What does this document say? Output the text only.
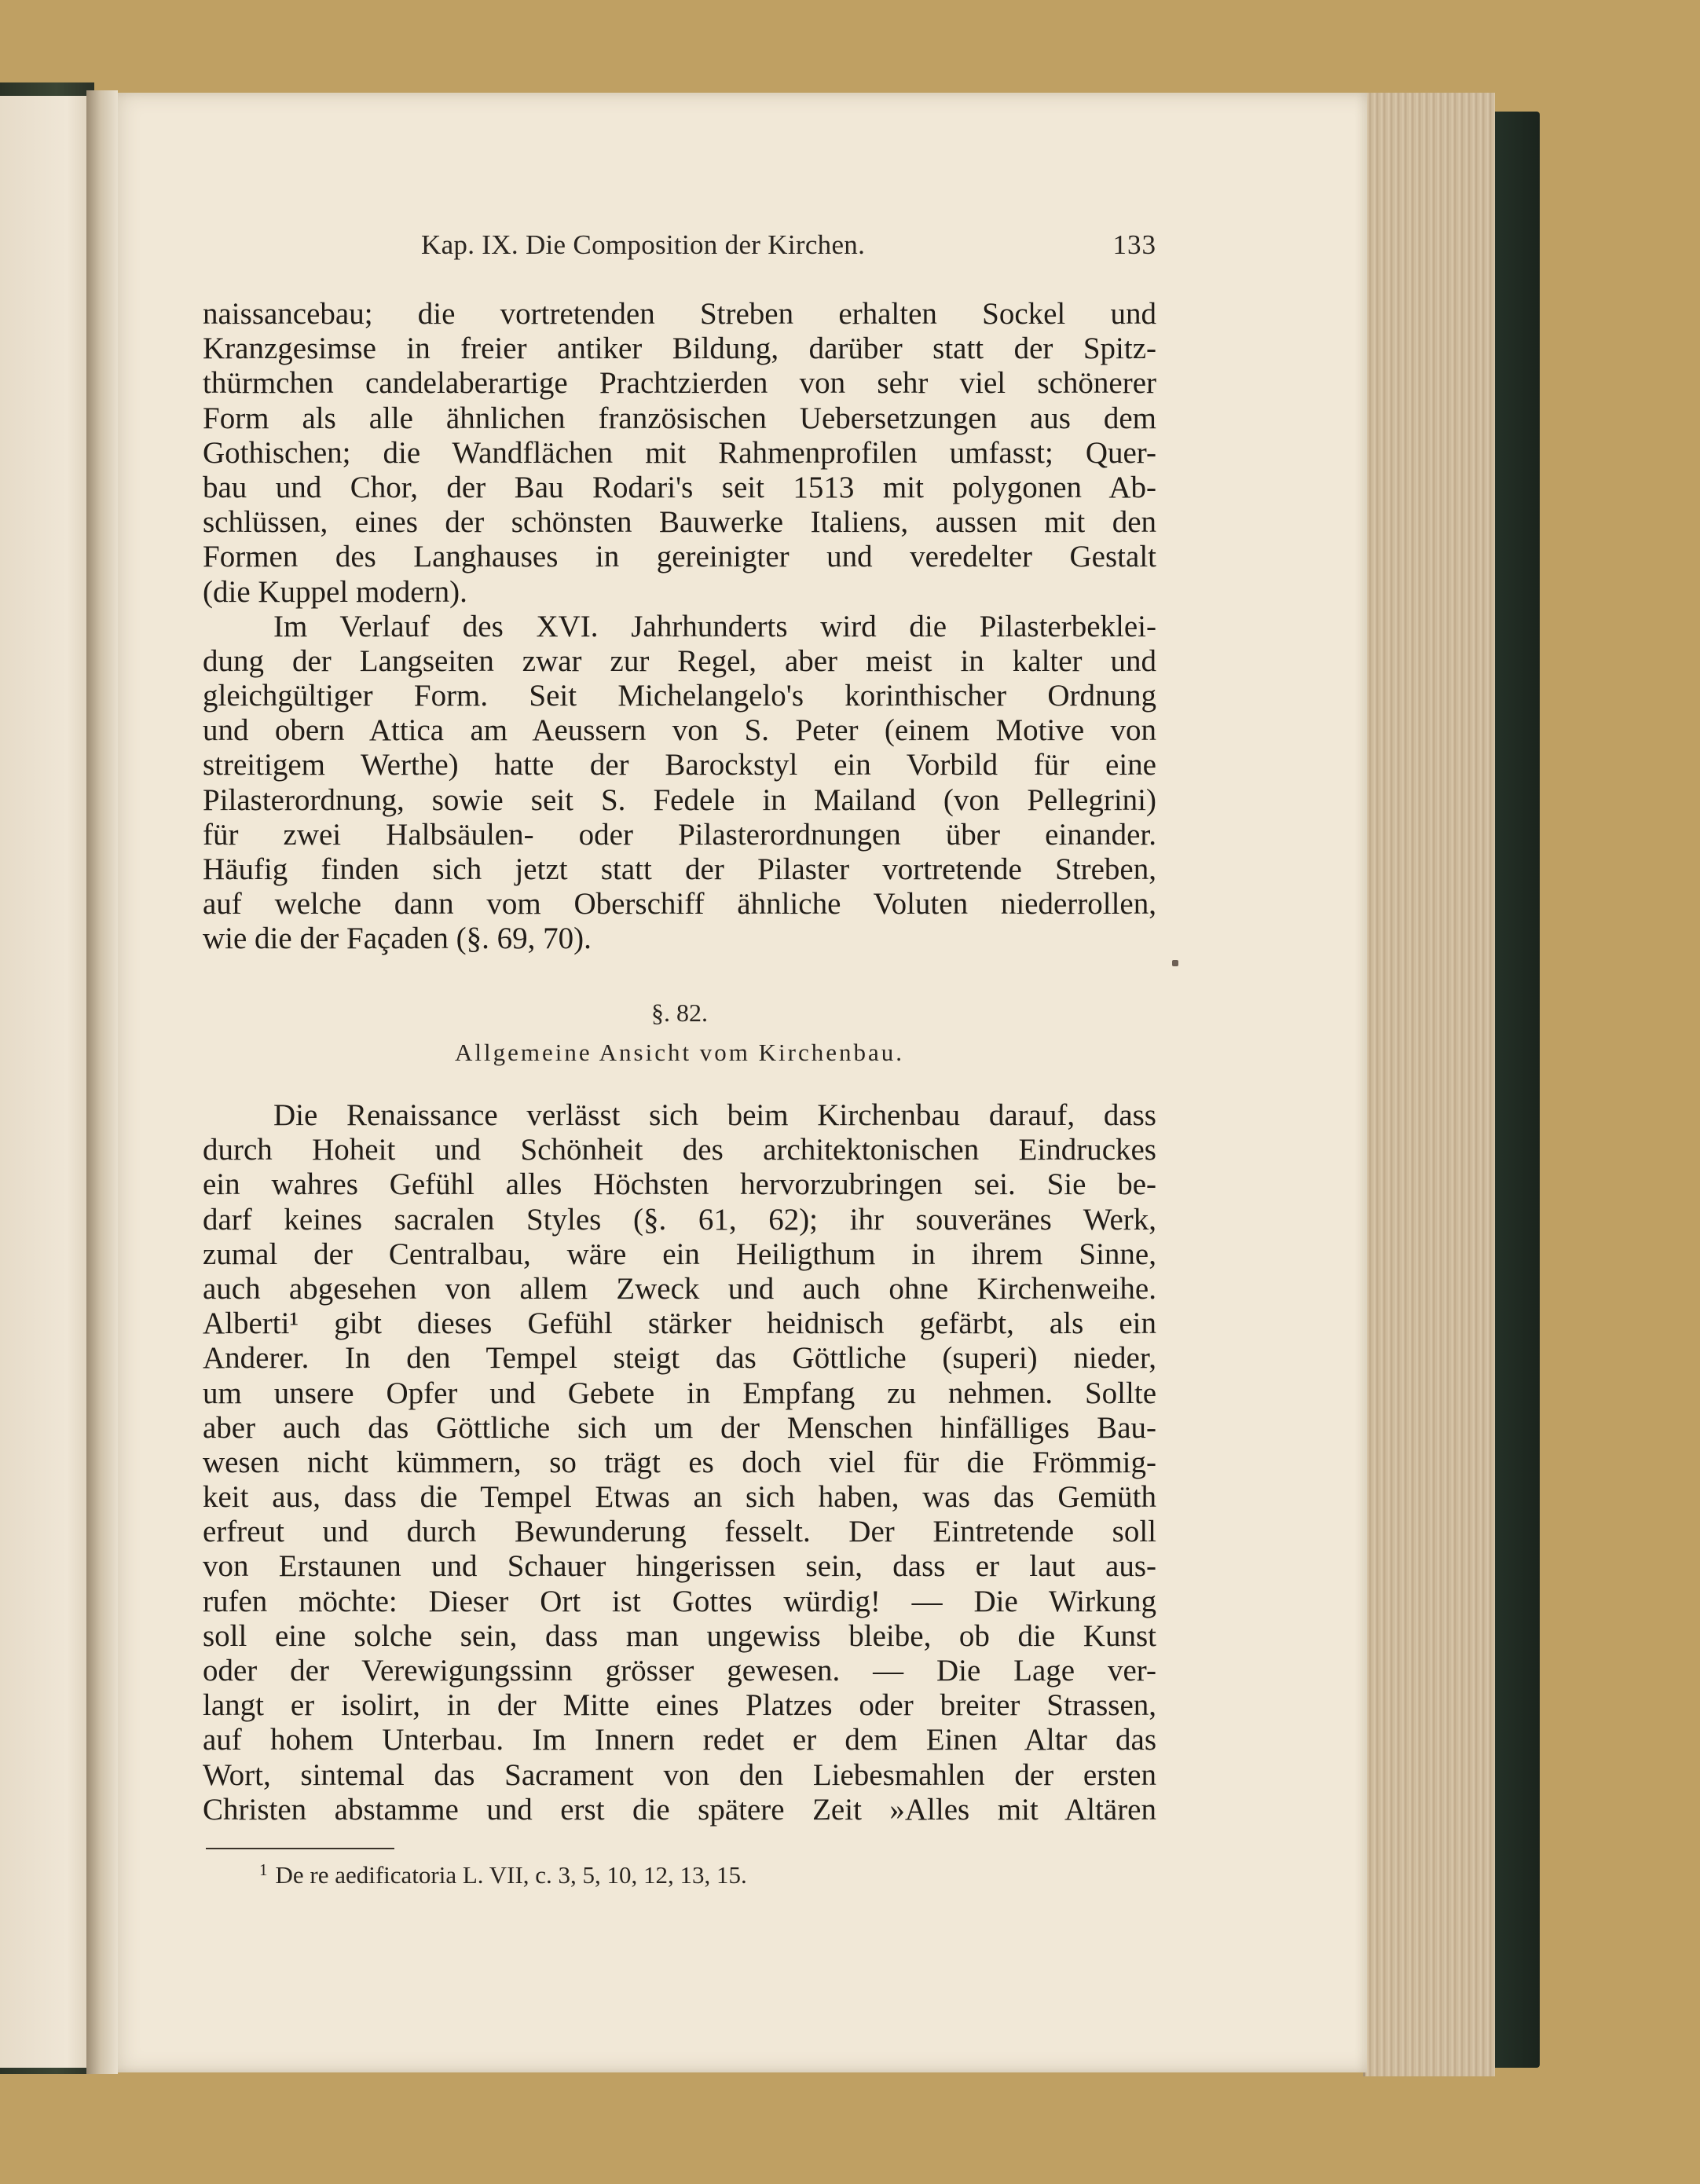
Kap. IX. Die Composition der Kirchen.	133
naissancebau; die vortretenden Streben erhalten Sockel und
Kranzgesimse in freier antiker Bildung, darüber statt der Spitz-
thürmchen candelaberartige Prachtzierden von sehr viel schönerer
Form als alle ähnlichen französischen Uebersetzungen aus dem
Gothischen; die Wandflächen mit Rahmenprofilen umfasst; Quer-
bau und Chor, der Bau Rodari's seit 1513 mit polygonen Ab-
schlüssen, eines der schönsten Bauwerke Italiens, aussen mit den
Formen des Langhauses in gereinigter und veredelter Gestalt
(die Kuppel modern).
Im Verlauf des XVI. Jahrhunderts wird die Pilasterbeklei-
dung der Langseiten zwar zur Regel, aber meist in kalter und
gleichgültiger Form. Seit Michelangelo's korinthischer Ordnung
und obern Attica am Aeussern von S. Peter (einem Motive von
streitigem Werthe) hatte der Barockstyl ein Vorbild für eine
Pilasterordnung, sowie seit S. Fedele in Mailand (von Pellegrini)
für zwei Halbsäulen- oder Pilasterordnungen über einander.
Häufig finden sich jetzt statt der Pilaster vortretende Streben,
auf welche dann vom Oberschiff ähnliche Voluten niederrollen,
wie die der Façaden (§. 69, 70).
§. 82.
Allgemeine Ansicht vom Kirchenbau.
Die Renaissance verlässt sich beim Kirchenbau darauf, dass
durch Hoheit und Schönheit des architektonischen Eindruckes
ein wahres Gefühl alles Höchsten hervorzubringen sei. Sie be-
darf keines sacralen Styles (§. 61, 62); ihr souveränes Werk,
zumal der Centralbau, wäre ein Heiligthum in ihrem Sinne,
auch abgesehen von allem Zweck und auch ohne Kirchenweihe.
Alberti¹ gibt dieses Gefühl stärker heidnisch gefärbt, als ein
Anderer. In den Tempel steigt das Göttliche (superi) nieder,
um unsere Opfer und Gebete in Empfang zu nehmen. Sollte
aber auch das Göttliche sich um der Menschen hinfälliges Bau-
wesen nicht kümmern, so trägt es doch viel für die Frömmig-
keit aus, dass die Tempel Etwas an sich haben, was das Gemüth
erfreut und durch Bewunderung fesselt. Der Eintretende soll
von Erstaunen und Schauer hingerissen sein, dass er laut aus-
rufen möchte: Dieser Ort ist Gottes würdig! — Die Wirkung
soll eine solche sein, dass man ungewiss bleibe, ob die Kunst
oder der Verewigungssinn grösser gewesen. — Die Lage ver-
langt er isolirt, in der Mitte eines Platzes oder breiter Strassen,
auf hohem Unterbau. Im Innern redet er dem Einen Altar das
Wort, sintemal das Sacrament von den Liebesmahlen der ersten
Christen abstamme und erst die spätere Zeit »Alles mit Altären
$^1$ De re aedificatoria L. VII, c. 3, 5, 10, 12, 13, 15.
